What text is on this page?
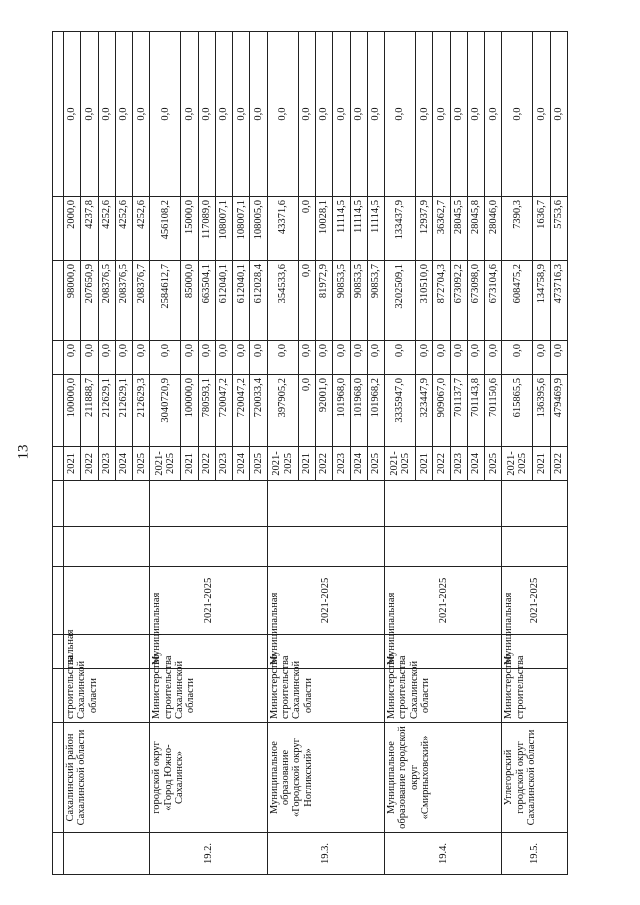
13

	Сахалинский район Сахалинской области	строительства Сахалинской области	пальная				2021	100000,0	0,0	98000,0	2000,0	0,0
							2022	211888,7	0,0	207650,9	4237,8	0,0
							2023	212629,1	0,0	208376,5	4252,6	0,0
							2024	212629,1	0,0	208376,5	4252,6	0,0
							2025	212629,3	0,0	208376,7	4252,6	0,0
19.2.	городской округ «Город Южно-Сахалинск»	Министерство строительства Сахалинской области	Муниципальная	2021-2025			2021-2025	3040720,9	0,0	2584612,7	456108,2	0,0
							2021	100000,0	0,0	85000,0	15000,0	0,0
							2022	780593,1	0,0	663504,1	117089,0	0,0
							2023	720047,2	0,0	612040,1	108007,1	0,0
							2024	720047,2	0,0	612040,1	108007,1	0,0
							2025	720033,4	0,0	612028,4	108005,0	0,0
19.3.	Муниципальное образование «Городской округ Ногликский»	Министерство строительства Сахалинской области	Муниципальная	2021-2025			2021-2025	397905,2	0,0	354533,6	43371,6	0,0
							2021	0,0	0,0	0,0	0,0	0,0
							2022	92001,0	0,0	81972,9	10028,1	0,0
							2023	101968,0	0,0	90853,5	11114,5	0,0
							2024	101968,0	0,0	90853,5	11114,5	0,0
							2025	101968,2	0,0	90853,7	11114,5	0,0
19.4.	Муниципальное образование городской округ «Смирныховский»	Министерство строительства Сахалинской области	Муниципальная	2021-2025			2021-2025	3335947,0	0,0	3202509,1	133437,9	0,0
							2021	323447,9	0,0	310510,0	12937,9	0,0
							2022	909067,0	0,0	872704,3	36362,7	0,0
							2023	701137,7	0,0	673092,2	28045,5	0,0
							2024	701143,8	0,0	673098,0	28045,8	0,0
							2025	701150,6	0,0	673104,6	28046,0	0,0
19.5.	Углегорский городской округ Сахалинской области	Министерство строительства	Муниципальная	2021-2025			2021-2025	615865,5	0,0	608475,2	7390,3	0,0
							2021	136395,6	0,0	134758,9	1636,7	0,0
							2022	479469,9	0,0	473716,3	5753,6	0,0
